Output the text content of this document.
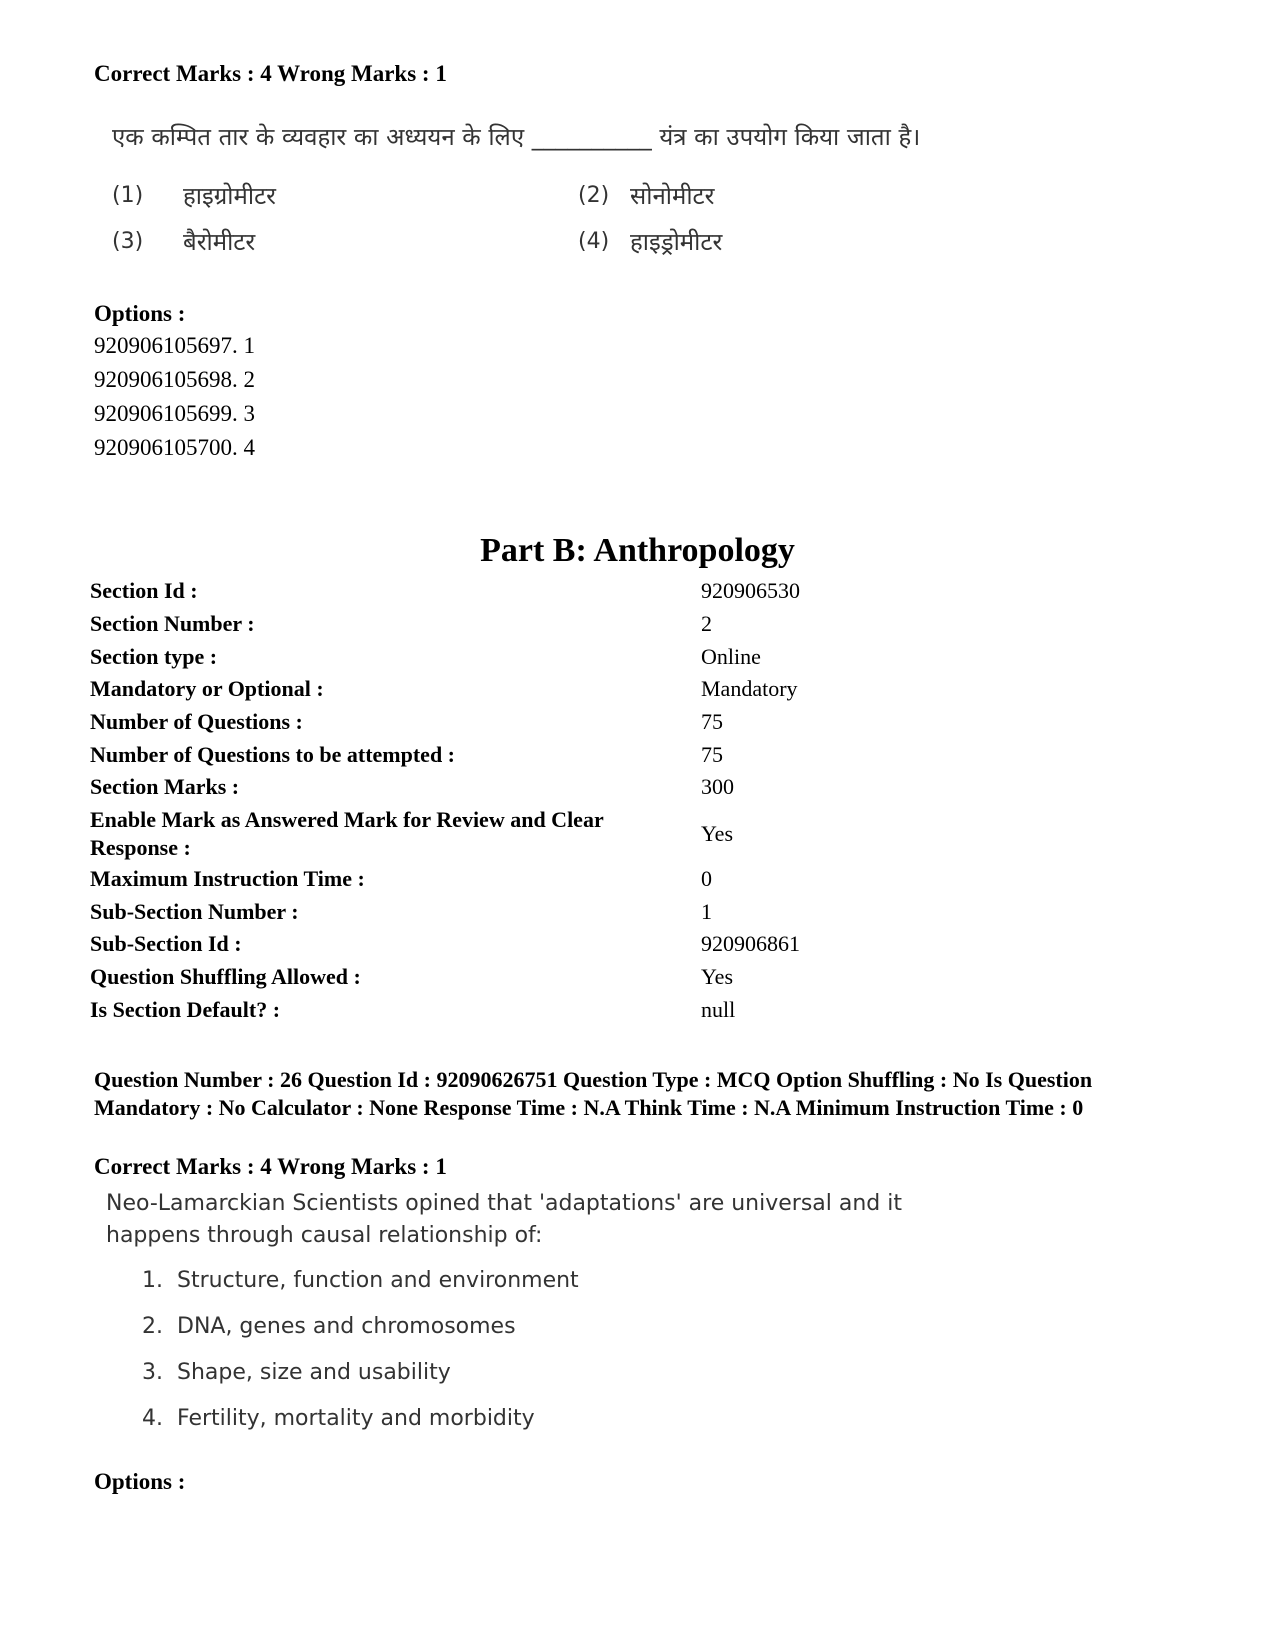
Correct Marks : 4 Wrong Marks : 1
एक कम्पित तार के व्यवहार का अध्ययन के लिए __________ यंत्र का उपयोग किया जाता है।
(1) हाइग्रोमीटर	(2) सोनोमीटर
(3) बैरोमीटर	(4) हाइड्रोमीटर
Options :
920906105697. 1
920906105698. 2
920906105699. 3
920906105700. 4
Part B: Anthropology
Section Id :	920906530
Section Number :	2
Section type :	Online
Mandatory or Optional :	Mandatory
Number of Questions :	75
Number of Questions to be attempted :	75
Section Marks :	300
Enable Mark as Answered Mark for Review and Clear Response :
Yes
Maximum Instruction Time :	0
Sub-Section Number :	1
Sub-Section Id :	920906861
Question Shuffling Allowed :	Yes
Is Section Default? :	null
Question Number : 26 Question Id : 92090626751 Question Type : MCQ Option Shuffling : No Is Question Mandatory : No Calculator : None Response Time : N.A Think Time : N.A Minimum Instruction Time : 0
Correct Marks : 4 Wrong Marks : 1
Neo-Lamarckian Scientists opined that 'adaptations' are universal and it
happens through causal relationship of:
1. Structure, function and environment
2. DNA, genes and chromosomes
3. Shape, size and usability
4. Fertility, mortality and morbidity
Options :
